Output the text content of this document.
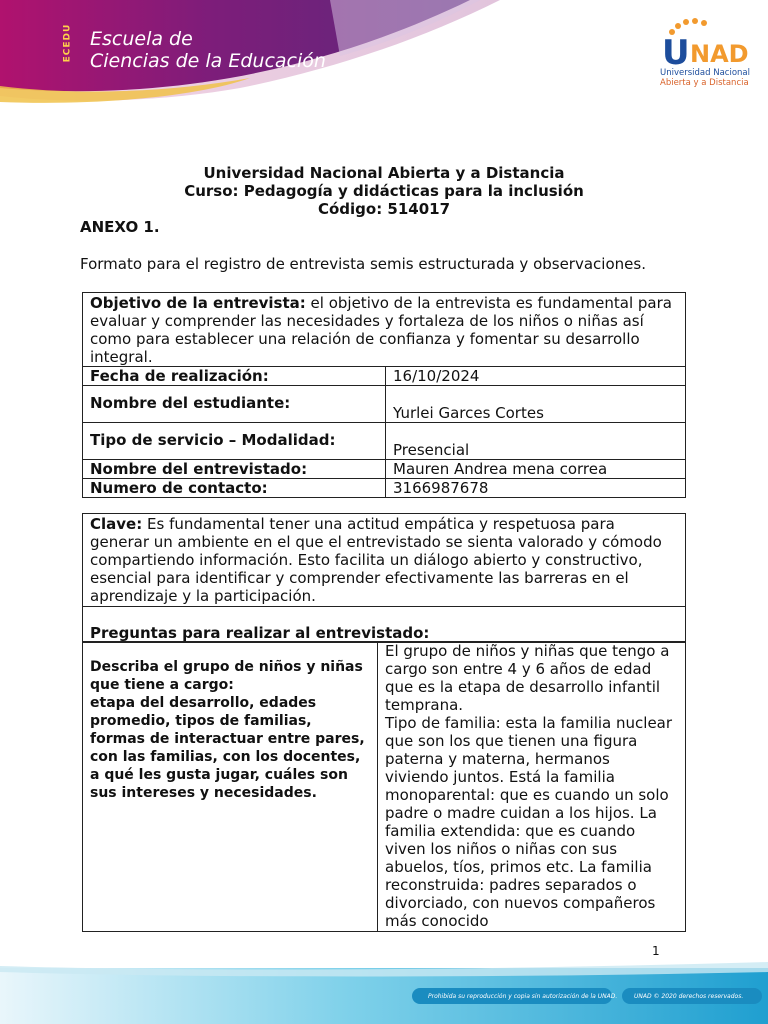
ECEDU Escuela de
Ciencias de la Educación	U NAD
Universidad Nacional
Abierta y a Distancia
Universidad Nacional Abierta y a Distancia
Curso: Pedagogía y didácticas para la inclusión
Código: 514017
ANEXO 1.
Formato para el registro de entrevista semis estructurada y observaciones.
Objetivo de la entrevista: el objetivo de la entrevista es fundamental para evaluar y comprender las necesidades y fortaleza de los niños o niñas así como para establecer una relación de confianza y fomentar su desarrollo integral.	
Fecha de realización:	16/10/2024
Nombre del estudiante:	Yurlei Garces Cortes
Tipo de servicio – Modalidad:	Presencial
Nombre del entrevistado:	Mauren Andrea mena correa
Numero de contacto:	3166987678
Clave: Es fundamental tener una actitud empática y respetuosa para generar un ambiente en el que el entrevistado se sienta valorado y cómodo compartiendo información. Esto facilita un diálogo abierto y constructivo, esencial para identificar y comprender efectivamente las barreras en el aprendizaje y la participación.
Preguntas para realizar al entrevistado:
Describa el grupo de niños y niñas que tiene a cargo:
etapa del desarrollo, edades promedio, tipos de familias, formas de interactuar entre pares, con las familias, con los docentes, a qué les gusta jugar, cuáles son sus intereses y necesidades.

El grupo de niños y niñas que tengo a cargo son entre 4 y 6 años de edad que es la etapa de desarrollo infantil temprana.
Tipo de familia: esta la familia nuclear que son los que tienen una figura paterna y materna, hermanos viviendo juntos. Está la familia monoparental: que es cuando un solo padre o madre cuidan a los hijos. La familia extendida: que es cuando viven los niños o niñas con sus abuelos, tíos, primos etc. La familia reconstruida: padres separados o divorciado, con nuevos compañeros más conocido
1
Prohibida su reproducción y copia sin autorización de la UNAD.	UNAD © 2020 derechos reservados.
